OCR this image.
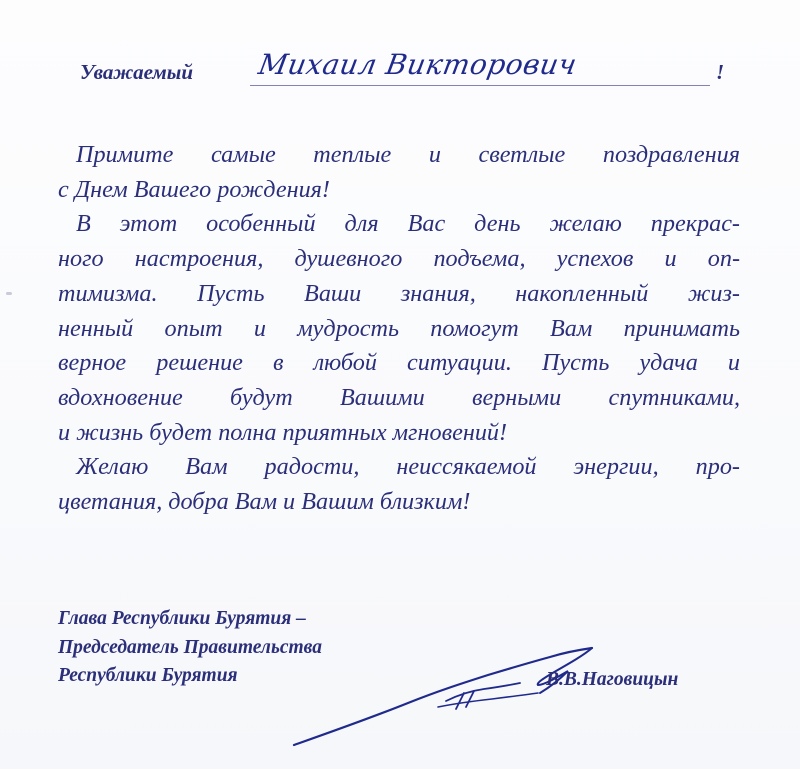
Уважаемый Михаил Викторович	!
Примите самые теплые и светлые поздравления
с Днем Вашего рождения!
В этот особенный для Вас день желаю прекрас-
ного настроения, душевного подъема, успехов и оп-
тимизма. Пусть Ваши знания, накопленный жиз-
ненный опыт и мудрость помогут Вам принимать
верное решение в любой ситуации. Пусть удача и
вдохновение будут Вашими верными спутниками,
и жизнь будет полна приятных мгновений!
Желаю Вам радости, неиссякаемой энергии, про-
цветания, добра Вам и Вашим близким!
Глава Республики Бурятия –
Председатель Правительства
Республики Бурятия	В.В.Наговицын
